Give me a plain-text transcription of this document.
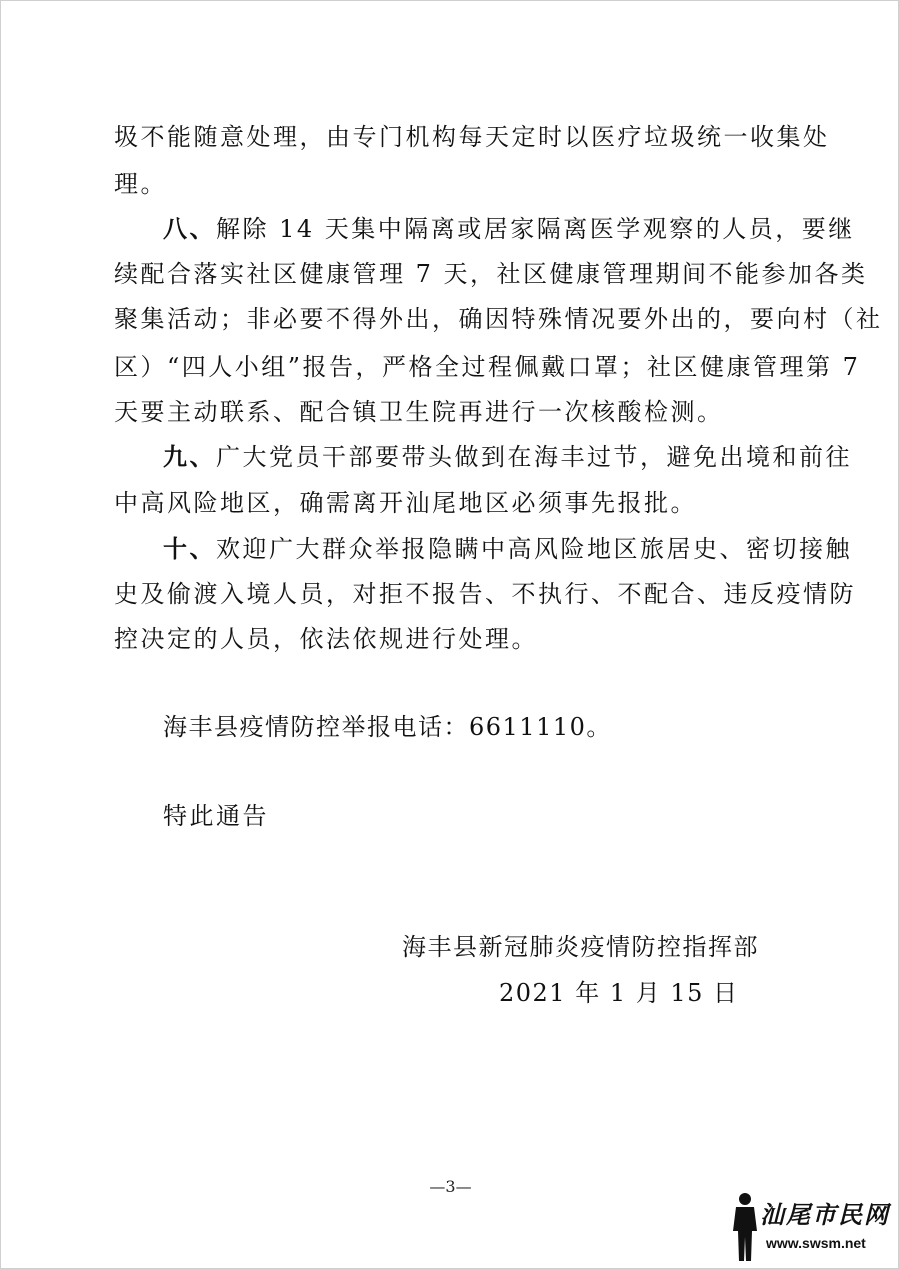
圾不能随意处理，由专门机构每天定时以医疗垃圾统一收集处
理。
八、解除 14 天集中隔离或居家隔离医学观察的人员，要继
续配合落实社区健康管理 7 天，社区健康管理期间不能参加各类
聚集活动；非必要不得外出，确因特殊情况要外出的，要向村（社
区）“四人小组”报告，严格全过程佩戴口罩；社区健康管理第 7
天要主动联系、配合镇卫生院再进行一次核酸检测。
九、广大党员干部要带头做到在海丰过节，避免出境和前往
中高风险地区，确需离开汕尾地区必须事先报批。
十、欢迎广大群众举报隐瞒中高风险地区旅居史、密切接触
史及偷渡入境人员，对拒不报告、不执行、不配合、违反疫情防
控决定的人员，依法依规进行处理。
海丰县疫情防控举报电话：6611110。
特此通告
海丰县新冠肺炎疫情防控指挥部
2021 年 1 月 15 日
—3—
汕尾市民网
www.swsm.net
